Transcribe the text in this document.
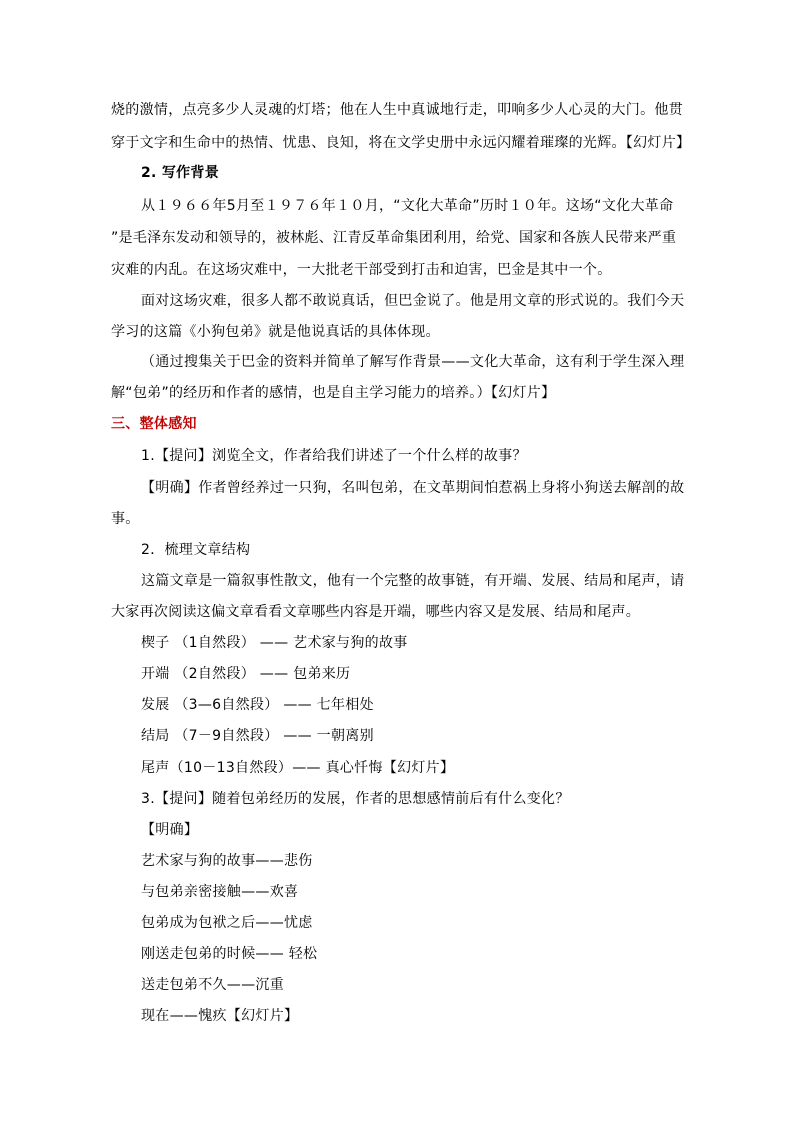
烧的激情，点亮多少人灵魂的灯塔；他在人生中真诚地行走，叩响多少人心灵的大门。他贯
穿于文字和生命中的热情、忧患、良知，将在文学史册中永远闪耀着璀璨的光辉。【幻灯片】
2. 写作背景
从１９６６年5月至１９７６年１０月，“文化大革命”历时１０年。这场“文化大革命
”是毛泽东发动和领导的，被林彪、江青反革命集团利用，给党、国家和各族人民带来严重
灾难的内乱。在这场灾难中，一大批老干部受到打击和迫害，巴金是其中一个。
面对这场灾难，很多人都不敢说真话，但巴金说了。他是用文章的形式说的。我们今天
学习的这篇《小狗包弟》就是他说真话的具体体现。
（通过搜集关于巴金的资料并简单了解写作背景——文化大革命，这有利于学生深入理
解“包弟”的经历和作者的感情，也是自主学习能力的培养。）【幻灯片】
三、整体感知
1.【提问】浏览全文，作者给我们讲述了一个什么样的故事？
【明确】作者曾经养过一只狗，名叫包弟，在文革期间怕惹祸上身将小狗送去解剖的故
事。
2．梳理文章结构
这篇文章是一篇叙事性散文，他有一个完整的故事链，有开端、发展、结局和尾声，请
大家再次阅读这偏文章看看文章哪些内容是开端，哪些内容又是发展、结局和尾声。
楔子 （1自然段） —— 艺术家与狗的故事
开端 （2自然段） —— 包弟来历
发展 （3—6自然段） —— 七年相处
结局 （7－9自然段） —— 一朝离别
尾声（10－13自然段）—— 真心忏悔【幻灯片】
3.【提问】随着包弟经历的发展，作者的思想感情前后有什么变化？
【明确】
艺术家与狗的故事——悲伤
与包弟亲密接触——欢喜
包弟成为包袱之后——忧虑
刚送走包弟的时候—— 轻松
送走包弟不久——沉重
现在——愧疚【幻灯片】
